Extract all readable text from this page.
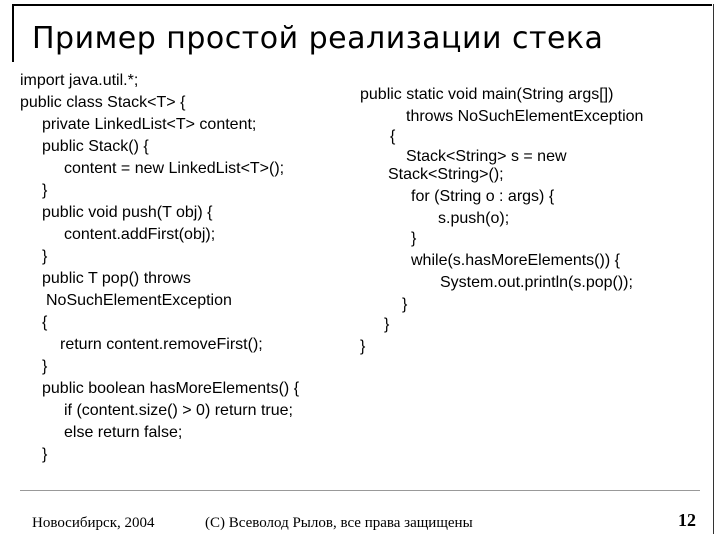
Пример простой реализации стека
import java.util.*;
public class Stack<T> {
private LinkedList<T> content;
public Stack() {
content = new LinkedList<T>();
}
public void push(T obj) {
content.addFirst(obj);
}
public T pop() throws
NoSuchElementException
{
return content.removeFirst();
}
public boolean hasMoreElements() {
if (content.size() > 0) return true;
else return false;
}
public static void main(String args[])
throws NoSuchElementException
{
Stack<String> s = new
Stack<String>();
for (String o : args) {
s.push(o);
}
while(s.hasMoreElements()) {
System.out.println(s.pop());
}
}
}
Новосибирск, 2004	(C) Всеволод Рылов, все права защищены	12
